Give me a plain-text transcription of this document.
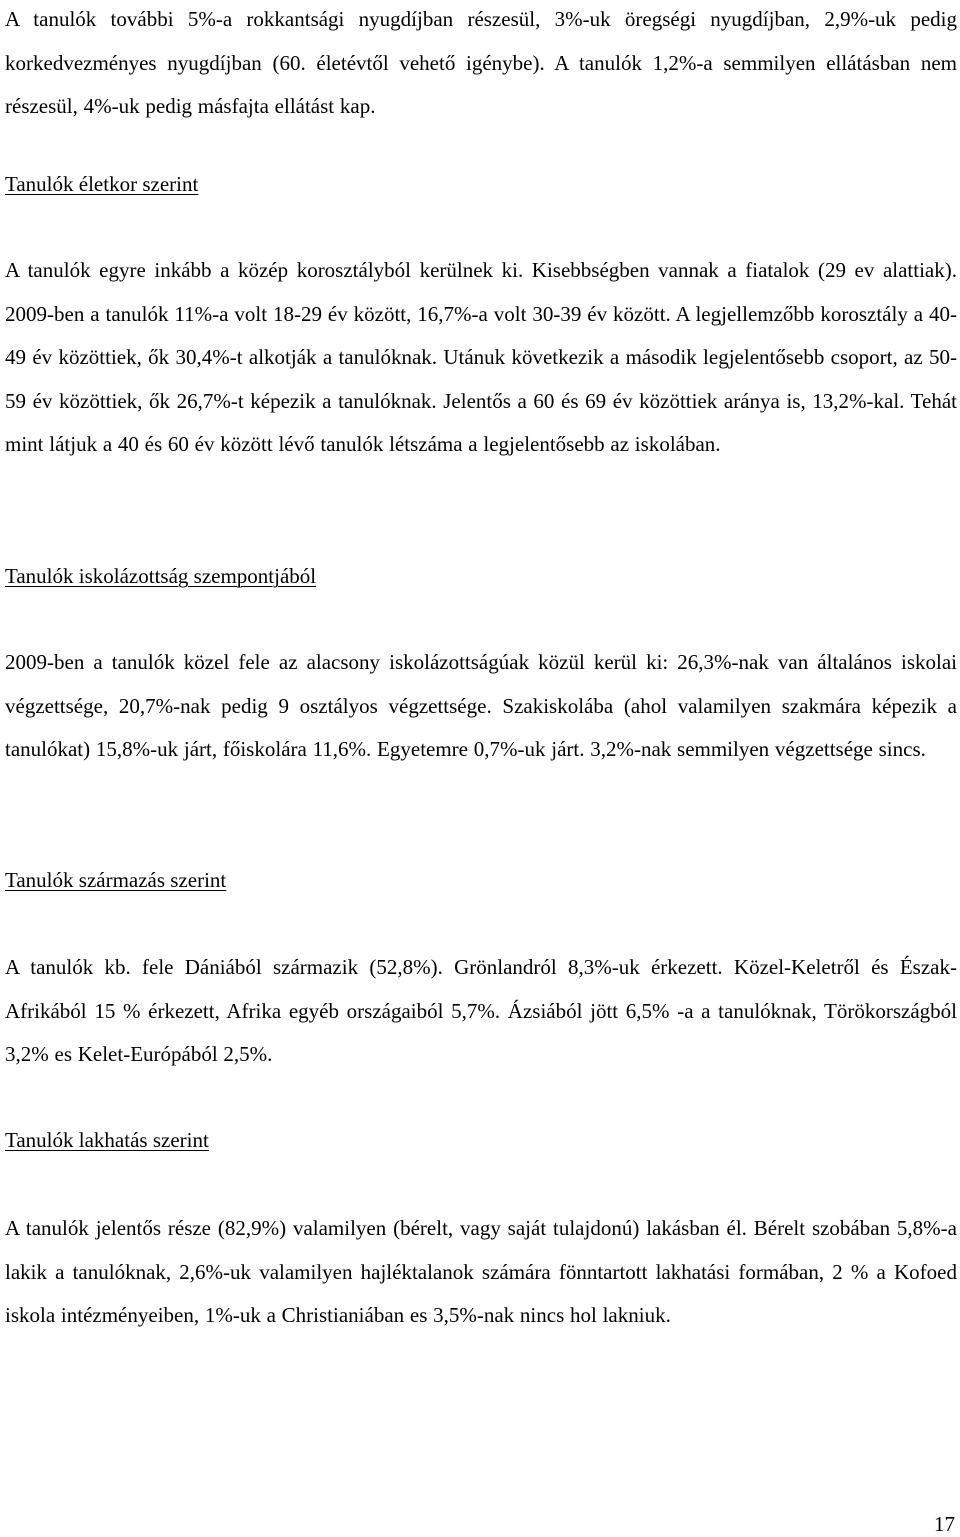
A tanulók további 5%-a rokkantsági nyugdíjban részesül, 3%-uk öregségi nyugdíjban, 2,9%-uk pedig korkedvezményes nyugdíjban (60. életévtől vehető igénybe). A tanulók 1,2%-a semmilyen ellátásban nem részesül, 4%-uk pedig másfajta ellátást kap.

Tanulók életkor szerint

A tanulók egyre inkább a közép korosztályból kerülnek ki. Kisebbségben vannak a fiatalok (29 ev alattiak). 2009-ben a tanulók 11%-a volt 18-29 év között, 16,7%-a volt 30-39 év között. A legjellemzőbb korosztály a 40-49 év közöttiek, ők 30,4%-t alkotják a tanulóknak. Utánuk következik a második legjelentősebb csoport, az 50-59 év közöttiek, ők 26,7%-t képezik a tanulóknak. Jelentős a 60 és 69 év közöttiek aránya is, 13,2%-kal. Tehát mint látjuk a 40 és 60 év között lévő tanulók létszáma a legjelentősebb az iskolában.

Tanulók iskolázottság szempontjából

2009-ben a tanulók közel fele az alacsony iskolázottságúak közül kerül ki: 26,3%-nak van általános iskolai végzettsége, 20,7%-nak pedig 9 osztályos végzettsége. Szakiskolába (ahol valamilyen szakmára képezik a tanulókat) 15,8%-uk járt, főiskolára 11,6%. Egyetemre 0,7%-uk járt. 3,2%-nak semmilyen végzettsége sincs.

Tanulók származás szerint

A tanulók kb. fele Dániából származik (52,8%). Grönlandról 8,3%-uk érkezett. Közel-Keletről és Észak-Afrikából 15 % érkezett, Afrika egyéb országaiból 5,7%. Ázsiából jött 6,5% -a a tanulóknak, Törökországból 3,2% es Kelet-Európából 2,5%.

Tanulók lakhatás szerint

A tanulók jelentős része (82,9%) valamilyen (bérelt, vagy saját tulajdonú) lakásban él. Bérelt szobában 5,8%-a lakik a tanulóknak, 2,6%-uk valamilyen hajléktalanok számára fönntartott lakhatási formában, 2 % a Kofoed iskola intézményeiben, 1%-uk a Christianiában es 3,5%-nak nincs hol lakniuk.

17
